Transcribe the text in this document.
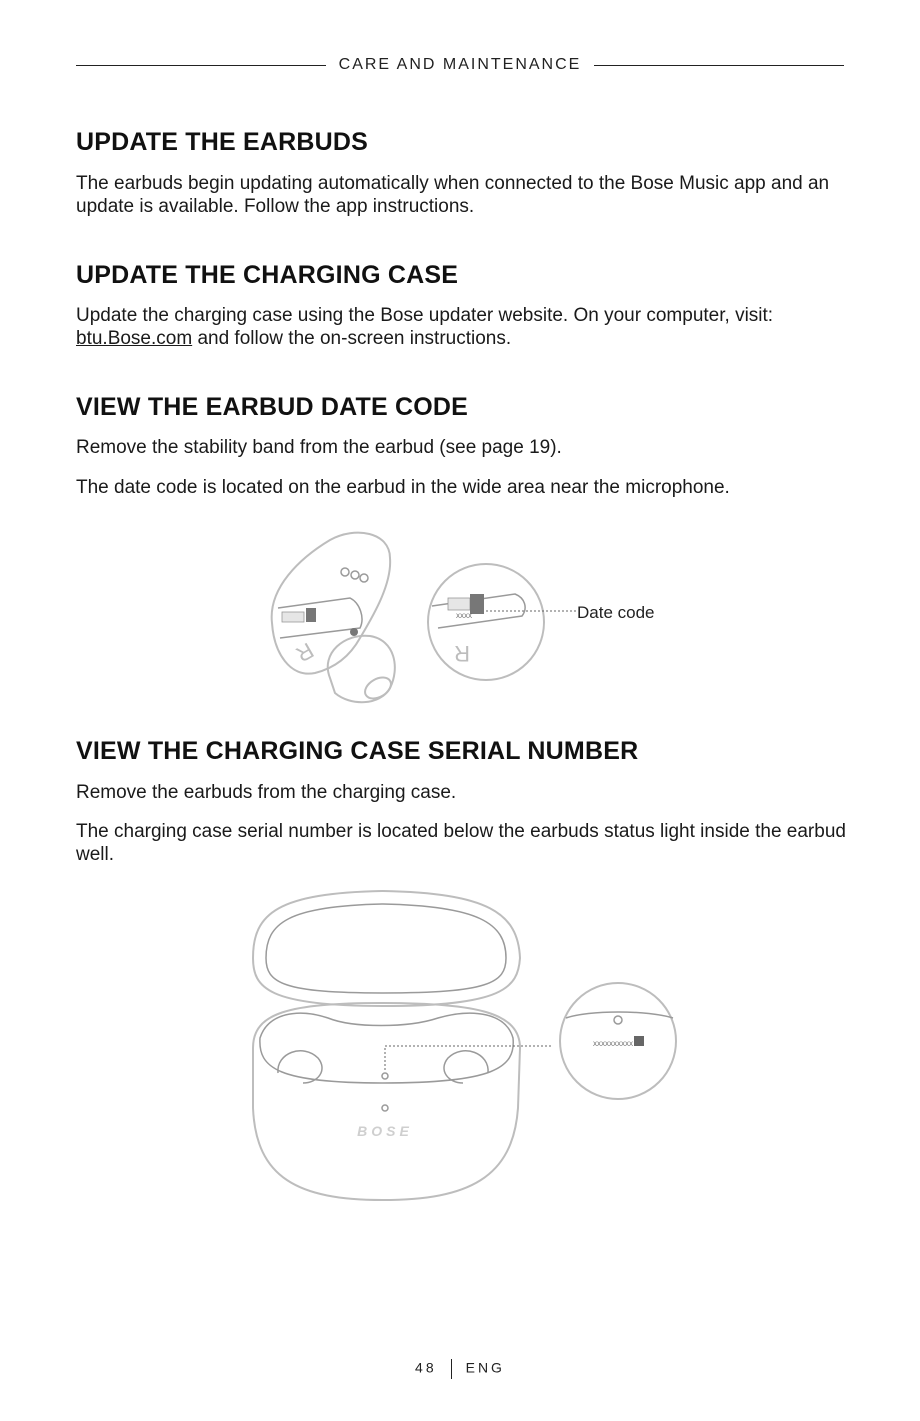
CARE AND MAINTENANCE
UPDATE THE EARBUDS

The earbuds begin updating automatically when connected to the Bose Music app and an update is available. Follow the app instructions.

UPDATE THE CHARGING CASE

Update the charging case using the Bose updater website. On your computer, visit:
btu.Bose.com and follow the on-screen instructions.

VIEW THE EARBUD DATE CODE

Remove the stability band from the earbud (see page 19).

The date code is located on the earbud in the wide area near the microphone.

R
XXXX
R
Date code
VIEW THE CHARGING CASE SERIAL NUMBER

Remove the earbuds from the charging case.

The charging case serial number is located below the earbuds status light inside the earbud well.

BOSE
XXXXXXXXXX
48 ENG
